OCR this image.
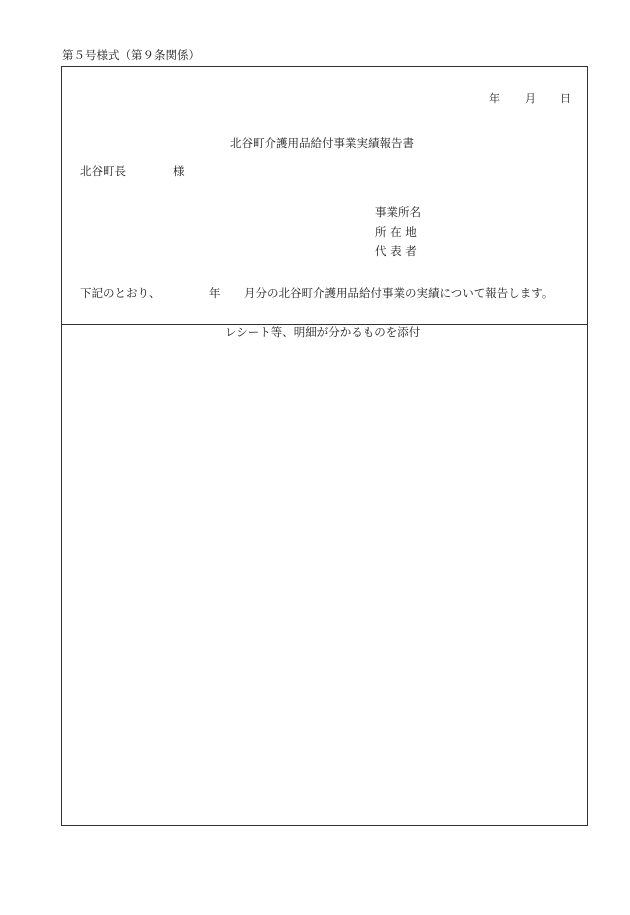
第５号様式（第９条関係）
年 月 日
北谷町介護用品給付事業実績報告書
北谷町長	様
事業所名
所 在 地
代 表 者
下記のとおり、	年 月分の北谷町介護用品給付事業の実績について報告します。
レシート等、明細が分かるものを添付
